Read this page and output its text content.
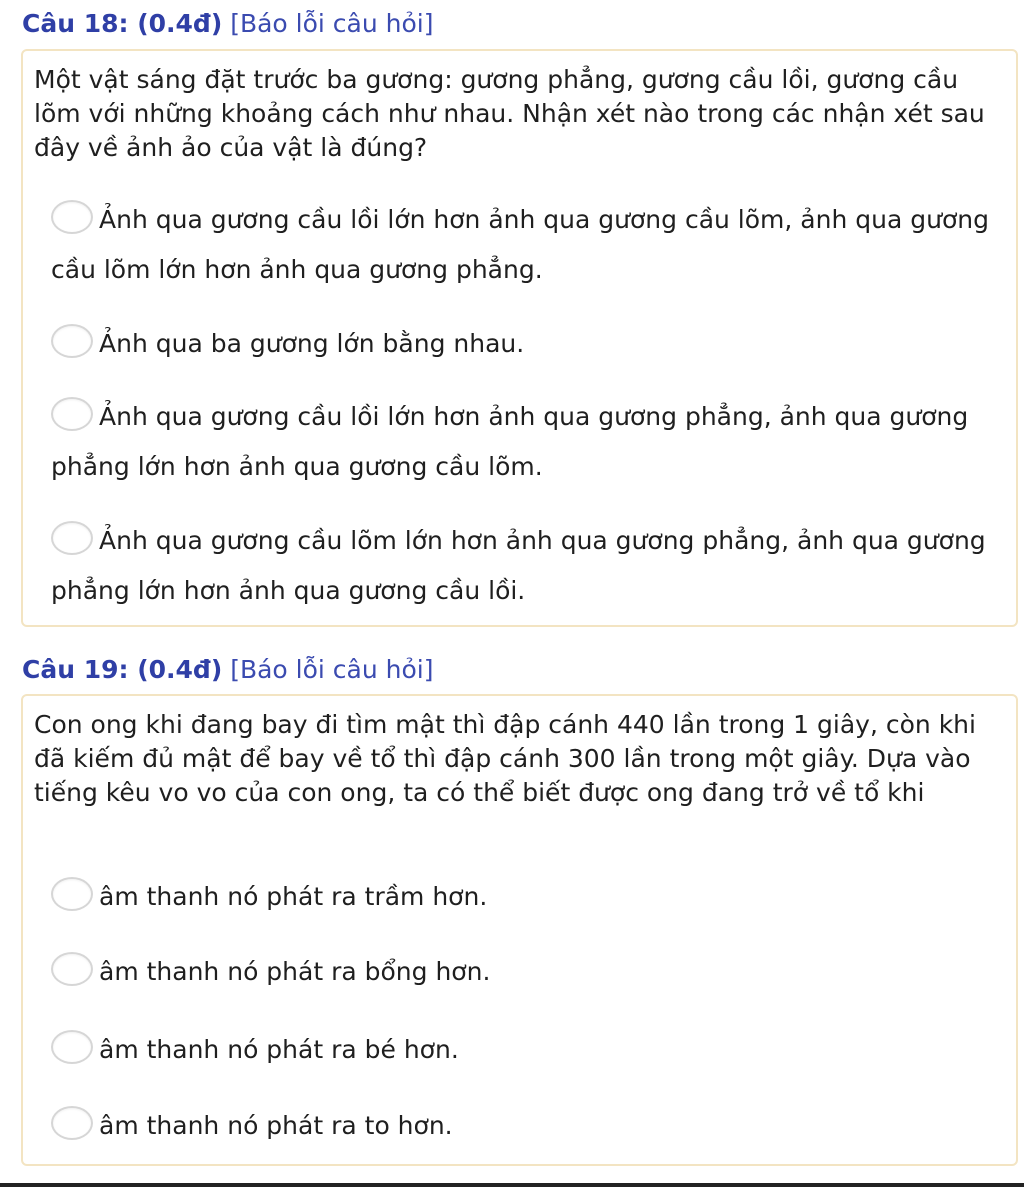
Câu 18: (0.4đ) [Báo lỗi câu hỏi]
Một vật sáng đặt trước ba gương: gương phẳng, gương cầu lồi, gương cầu lõm với những khoảng cách như nhau. Nhận xét nào trong các nhận xét sau đây về ảnh ảo của vật là đúng?
Ảnh qua gương cầu lồi lớn hơn ảnh qua gương cầu lõm, ảnh qua gương cầu lõm lớn hơn ảnh qua gương phẳng.
Ảnh qua ba gương lớn bằng nhau.
Ảnh qua gương cầu lồi lớn hơn ảnh qua gương phẳng, ảnh qua gương phẳng lớn hơn ảnh qua gương cầu lõm.
Ảnh qua gương cầu lõm lớn hơn ảnh qua gương phẳng, ảnh qua gương phẳng lớn hơn ảnh qua gương cầu lồi.
Câu 19: (0.4đ) [Báo lỗi câu hỏi]
Con ong khi đang bay đi tìm mật thì đập cánh 440 lần trong 1 giây, còn khi đã kiếm đủ mật để bay về tổ thì đập cánh 300 lần trong một giây. Dựa vào tiếng kêu vo vo của con ong, ta có thể biết được ong đang trở về tổ khi
âm thanh nó phát ra trầm hơn.
âm thanh nó phát ra bổng hơn.
âm thanh nó phát ra bé hơn.
âm thanh nó phát ra to hơn.
